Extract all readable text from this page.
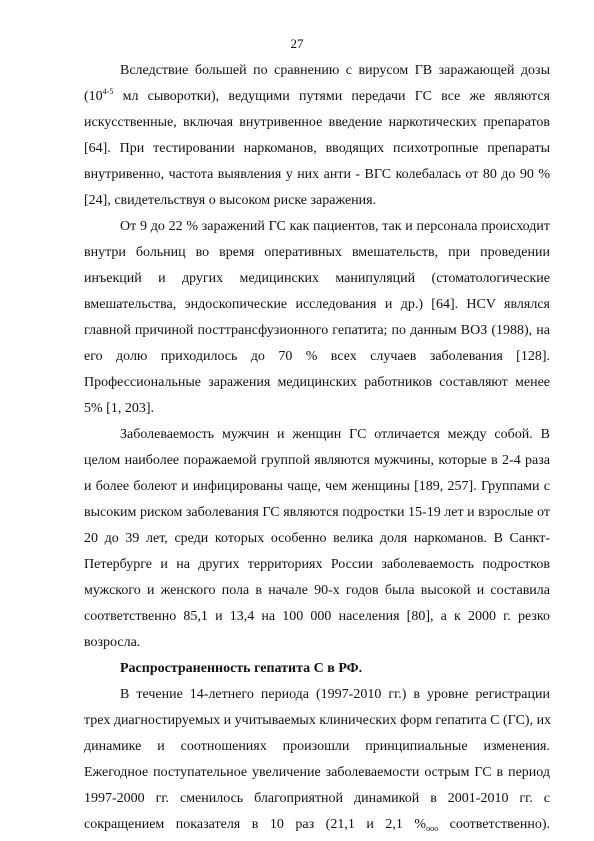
27
Вследствие большей по сравнению с вирусом ГВ заражающей дозы
(10$^{4-5}$ мл сыворотки), ведущими путями передачи ГС все же являются
искусственные, включая внутривенное введение наркотических препаратов
[64]. При тестировании наркоманов, вводящих психотропные препараты
внутривенно, частота выявления у них анти - ВГС колебалась от 80 до 90 %
[24], свидетельствуя о высоком риске заражения.
От 9 до 22 % заражений ГС как пациентов, так и персонала происходит
внутри больниц во время оперативных вмешательств, при проведении
инъекций и других медицинских манипуляций (стоматологические
вмешательства, эндоскопические исследования и др.) [64]. HCV являлся
главной причиной посттрансфузионного гепатита; по данным ВОЗ (1988), на
его долю приходилось до 70 % всех случаев заболевания [128].
Профессиональные заражения медицинских работников составляют менее
5% [1, 203].
Заболеваемость мужчин и женщин ГС отличается между собой. В
целом наиболее поражаемой группой являются мужчины, которые в 2-4 раза
и более болеют и инфицированы чаще, чем женщины [189, 257]. Группами с
высоким риском заболевания ГС являются подростки 15-19 лет и взрослые от
20 до 39 лет, среди которых особенно велика доля наркоманов. В Санкт-
Петербурге и на других территориях России заболеваемость подростков
мужского и женского пола в начале 90-х годов была высокой и составила
соответственно 85,1 и 13,4 на 100 000 населения [80], а к 2000 г. резко
возросла.
Распространенность гепатита С в РФ.
В течение 14-летнего периода (1997-2010 гг.) в уровне регистрации
трех диагностируемых и учитываемых клинических форм гепатита С (ГС), их
динамике и соотношениях произошли принципиальные изменения.
Ежегодное поступательное увеличение заболеваемости острым ГС в период
1997-2000 гг. сменилось благоприятной динамикой в 2001-2010 гг. с
сокращением показателя в 10 раз (21,1 и 2,1 $\%_{ооо}$ соответственно).
